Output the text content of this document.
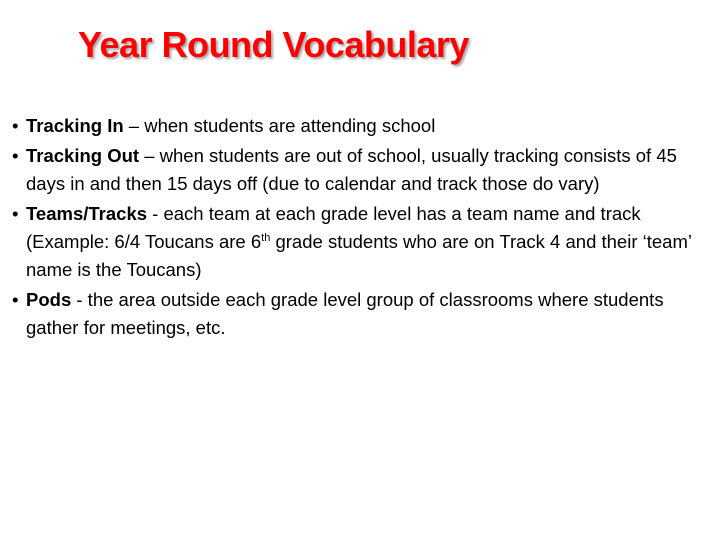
Year Round Vocabulary
• Tracking In – when students are attending school
• Tracking Out – when students are out of school, usually tracking consists of 45 days in and then 15 days off (due to calendar and track those do vary)
• Teams/Tracks - each team at each grade level has a team name and track (Example: 6/4 Toucans are 6th grade students who are on Track 4 and their ‘team’ name is the Toucans)
• Pods - the area outside each grade level group of classrooms where students gather for meetings, etc.
